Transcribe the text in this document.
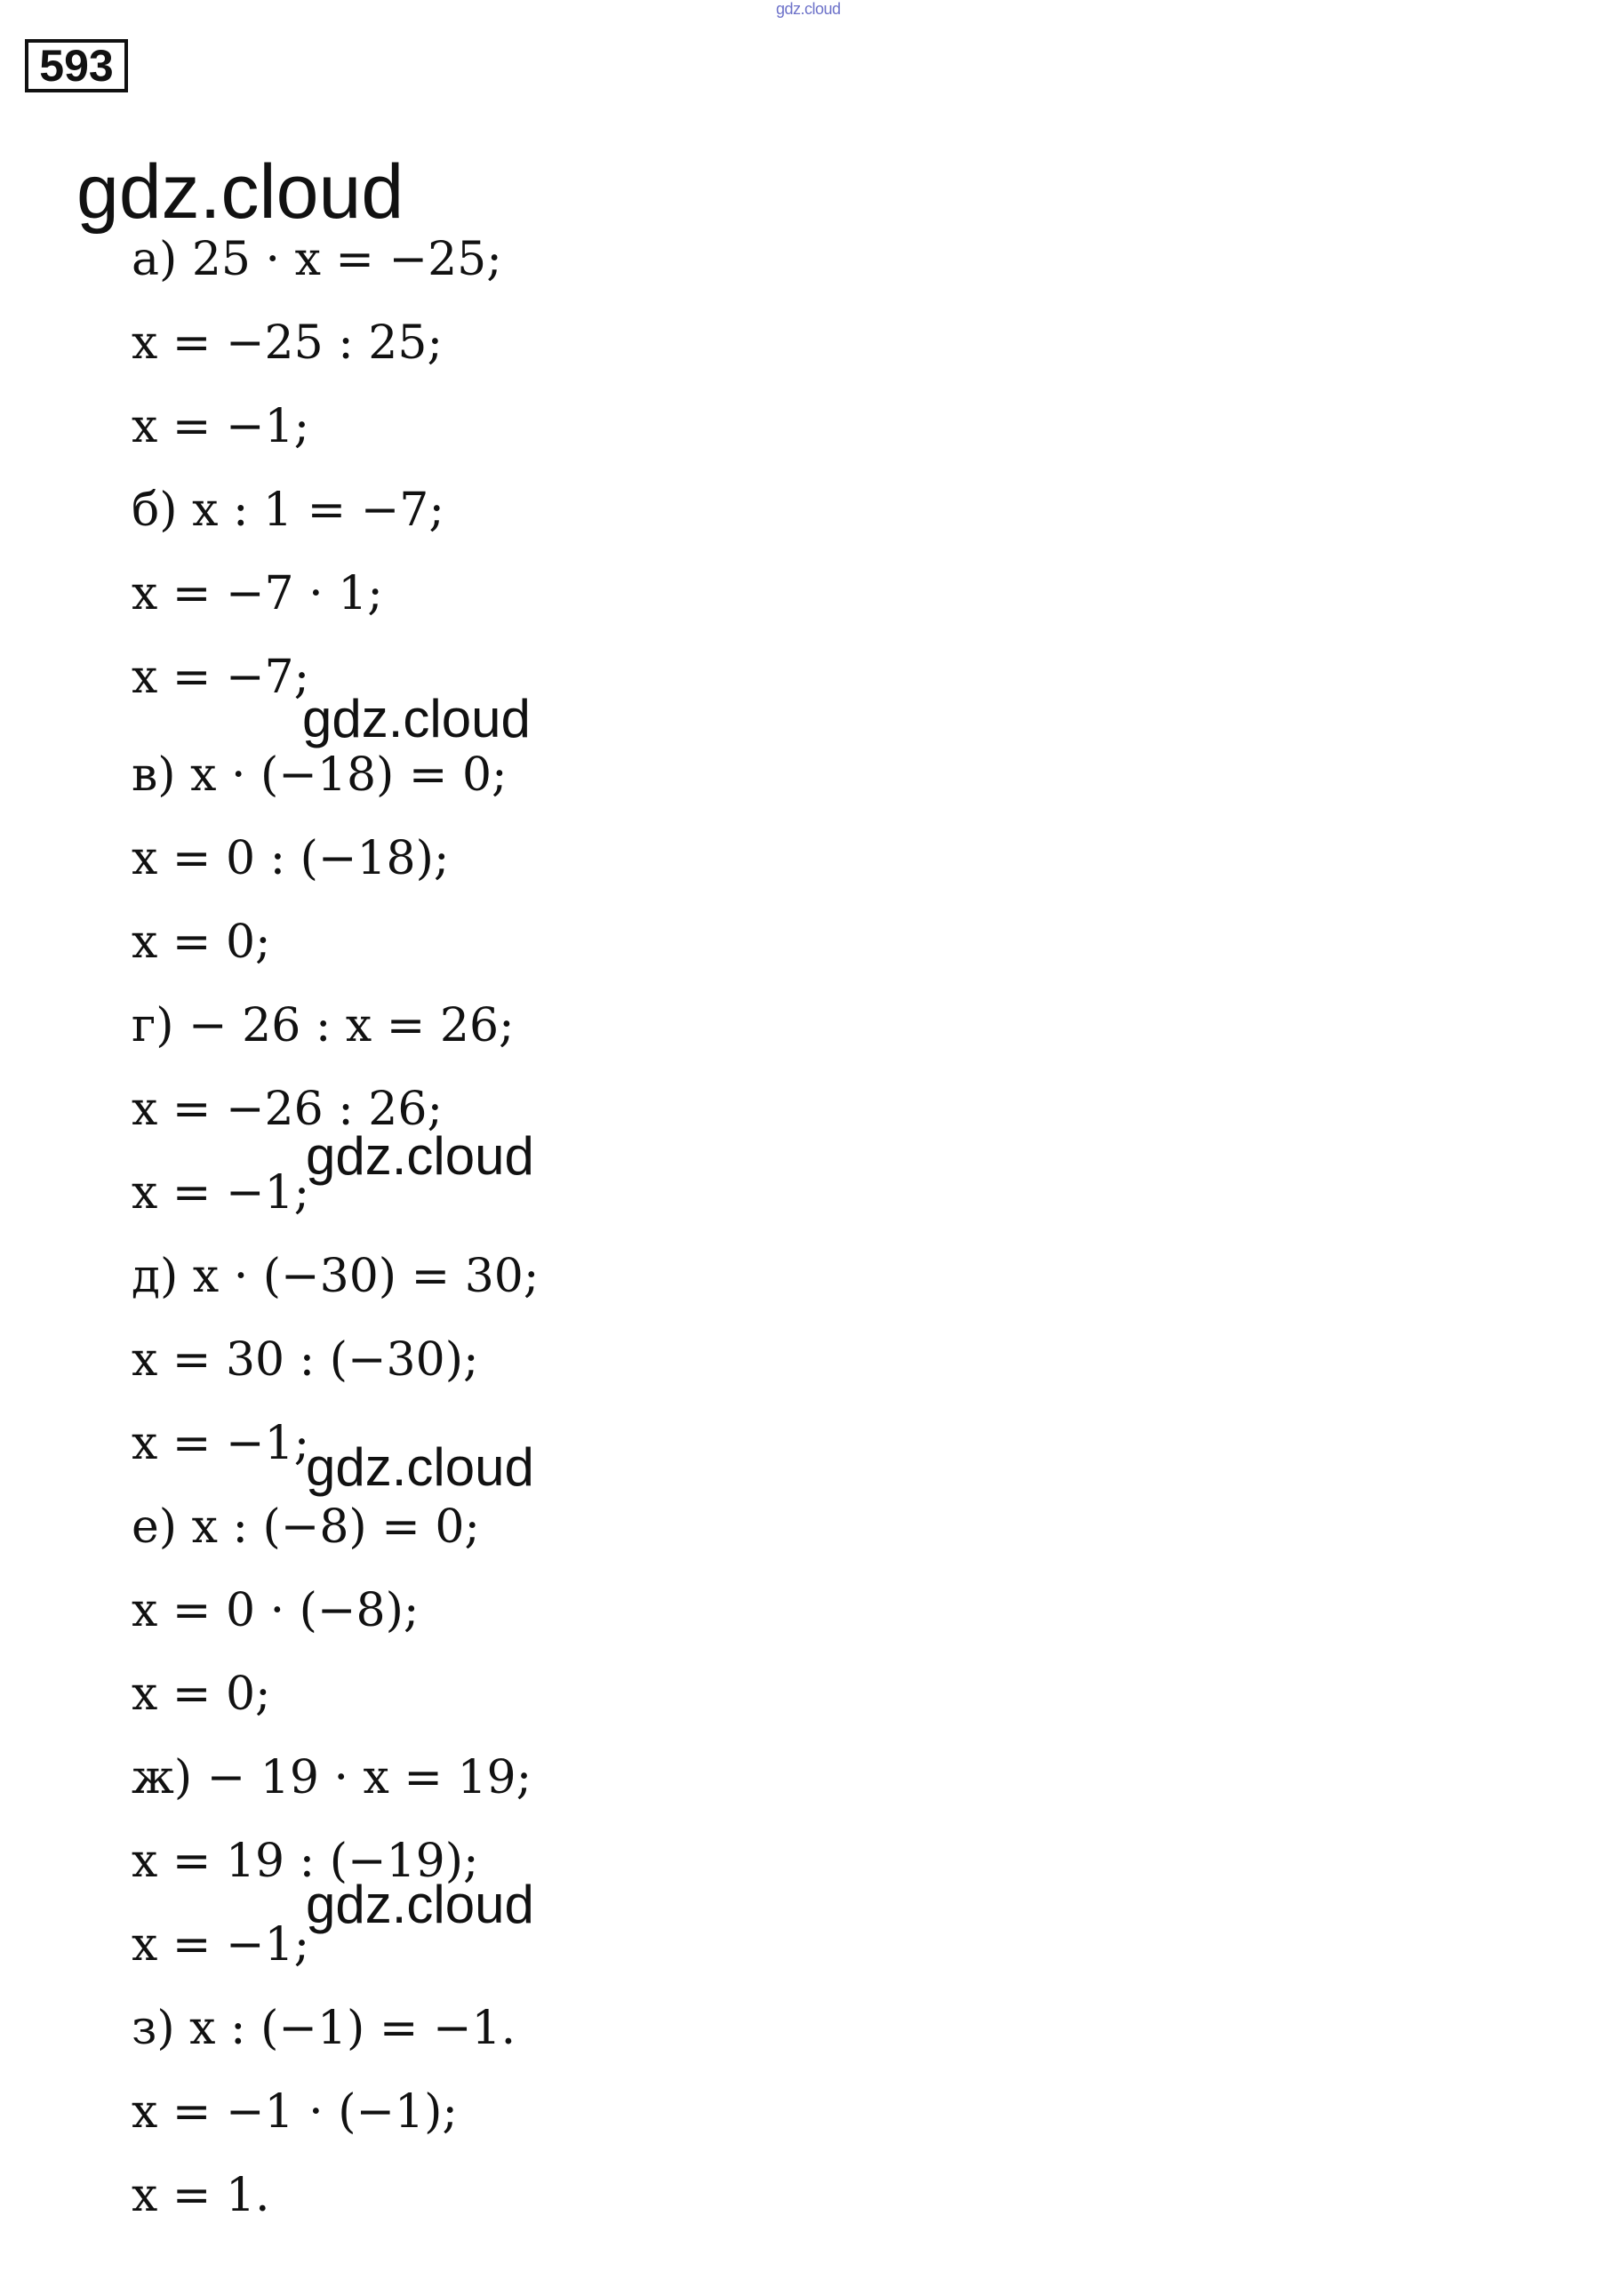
gdz.cloud
593
gdz.cloud
gdz.cloud
gdz.cloud
gdz.cloud
gdz.cloud
а) 25 · x = −25;
x = −25 : 25;
x = −1;
б) x : 1 = −7;
x = −7 · 1;
x = −7;
в) x · (−18) = 0;
x = 0 : (−18);
x = 0;
г) − 26 : x = 26;
x = −26 : 26;
x = −1;
д) x · (−30) = 30;
x = 30 : (−30);
x = −1;
е) x : (−8) = 0;
x = 0 · (−8);
x = 0;
ж) − 19 · x = 19;
x = 19 : (−19);
x = −1;
з) x : (−1) = −1.
x = −1 · (−1);
x = 1.
